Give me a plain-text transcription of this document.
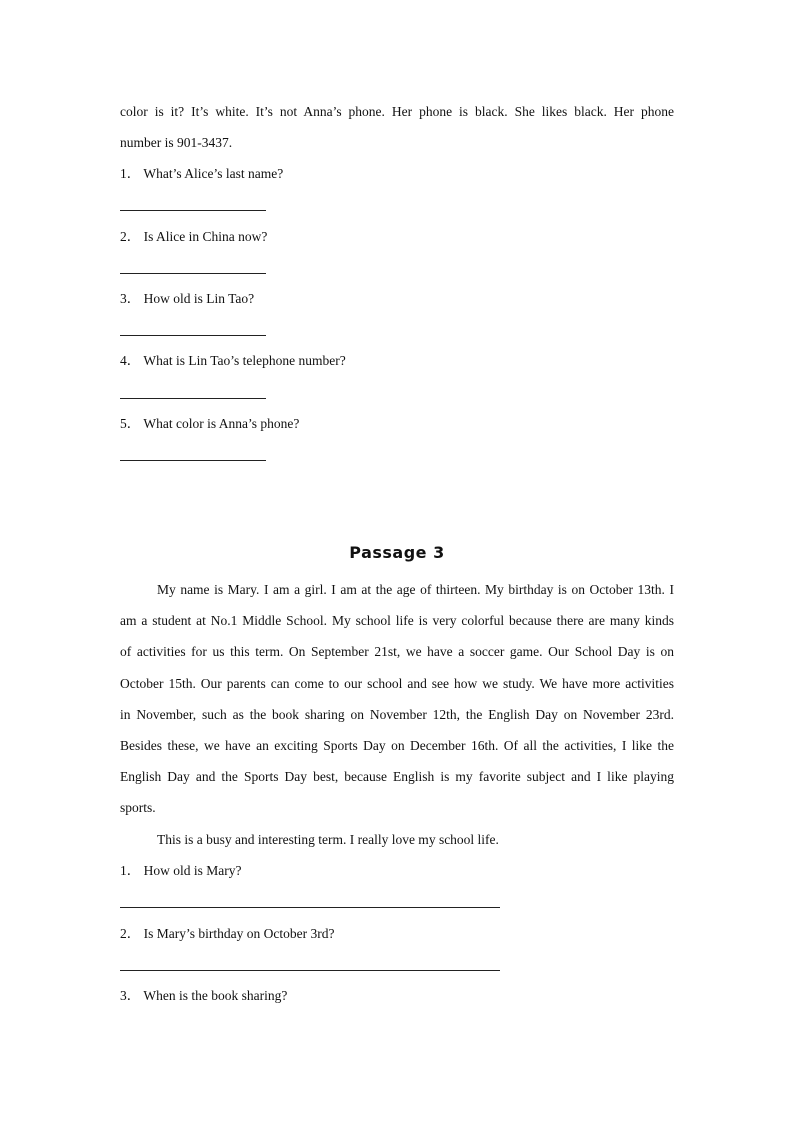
color is it? It’s white. It’s not Anna’s phone. Her phone is black. She likes black. Her phone
number is 901-3437.
1． What’s Alice’s last name?
2． Is Alice in China now?
3． How old is Lin Tao?
4． What is Lin Tao’s telephone number?
5． What color is Anna’s phone?
Passage 3
My name is Mary. I am a girl. I am at the age of thirteen. My birthday is on October 13th. I
am a student at No.1 Middle School. My school life is very colorful because there are many kinds
of activities for us this term. On September 21st, we have a soccer game. Our School Day is on
October 15th. Our parents can come to our school and see how we study. We have more activities
in November, such as the book sharing on November 12th, the English Day on November 23rd.
Besides these, we have an exciting Sports Day on December 16th. Of all the activities, I like the
English Day and the Sports Day best, because English is my favorite subject and I like playing
sports.
This is a busy and interesting term. I really love my school life.
1． How old is Mary?
2． Is Mary’s birthday on October 3rd?
3． When is the book sharing?
